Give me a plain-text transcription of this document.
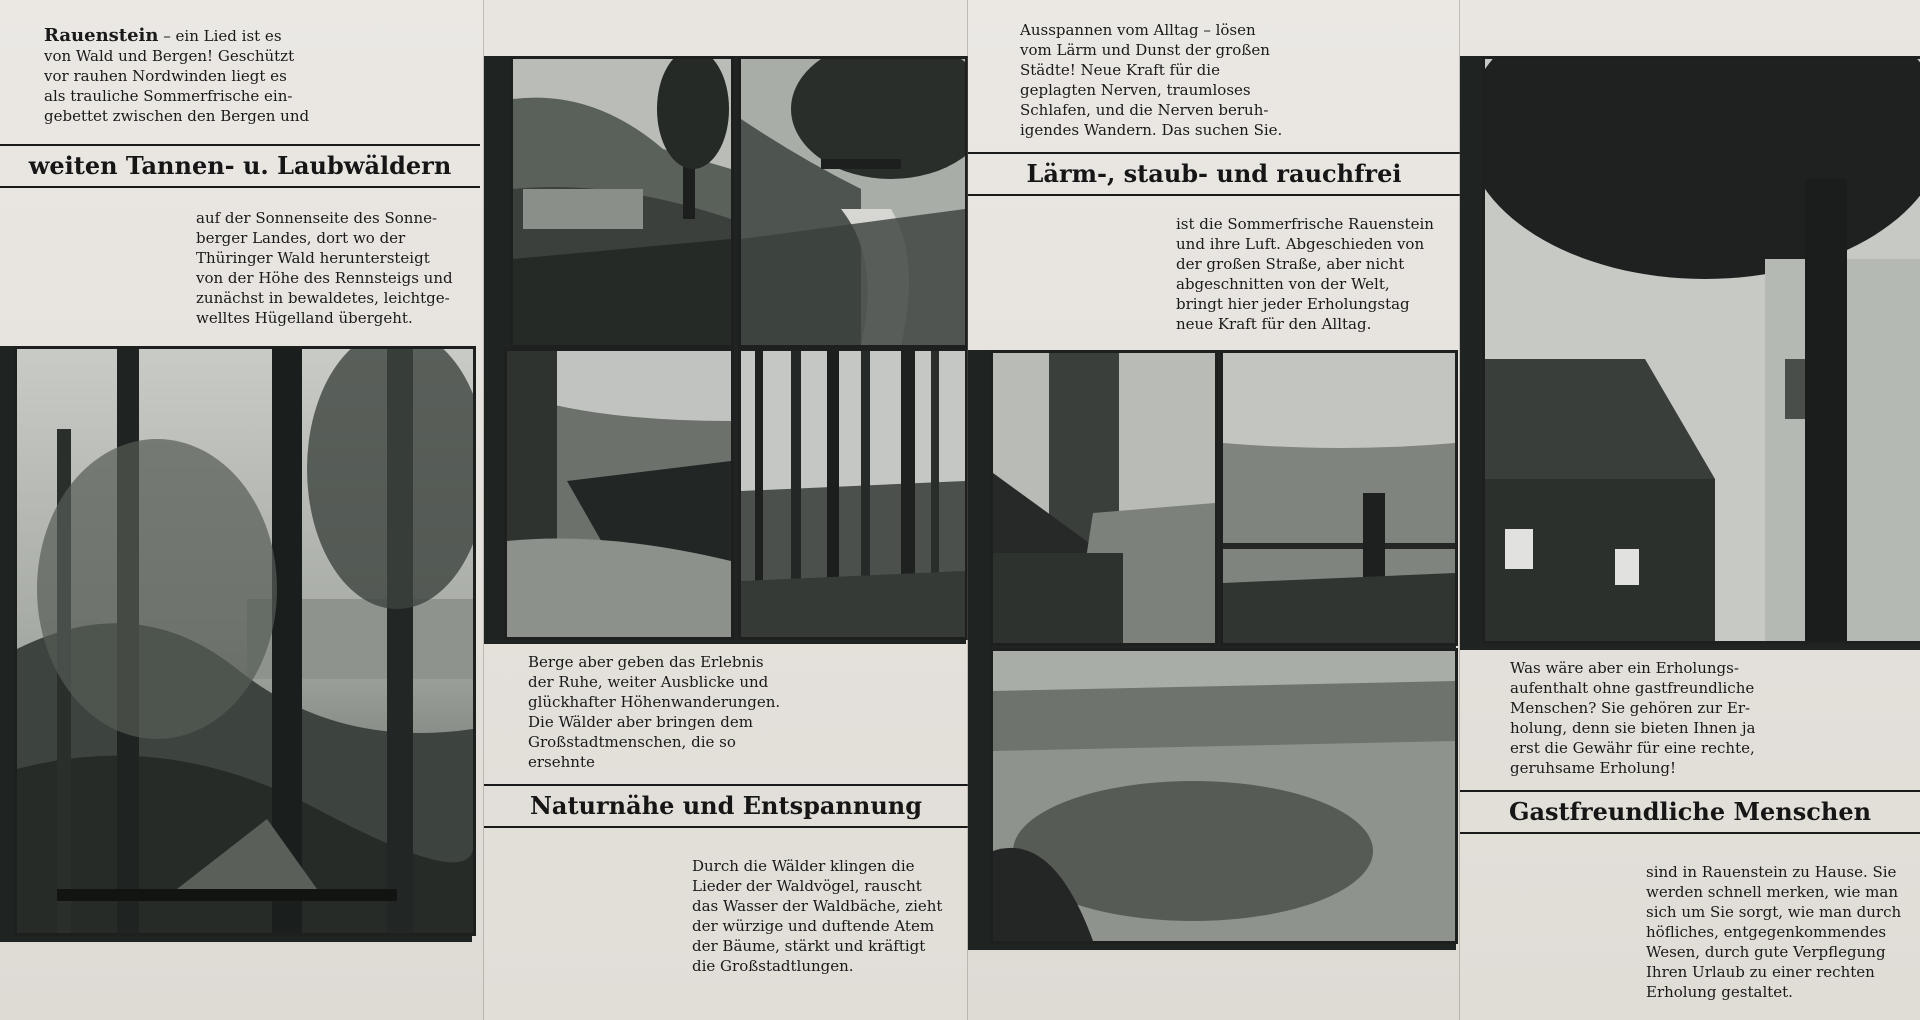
Rauenstein – ein Lied ist es
von Wald und Bergen! Geschützt
vor rauhen Nordwinden liegt es
als trauliche Sommerfrische ein-
gebettet zwischen den Bergen und

weiten Tannen- u. Laubwäldern
auf der Sonnenseite des Sonne-
berger Landes, dort wo der
Thüringer Wald heruntersteigt
von der Höhe des Rennsteigs und
zunächst in bewaldetes, leichtge-
welltes Hügelland übergeht.
Berge aber geben das Erlebnis
der Ruhe, weiter Ausblicke und
glückhafter Höhenwanderungen.
Die Wälder aber bringen dem
Großstadtmenschen, die so ersehnte
Naturnähe und Entspannung
Durch die Wälder klingen die
Lieder der Waldvögel, rauscht
das Wasser der Waldbäche, zieht
der würzige und duftende Atem
der Bäume, stärkt und kräftigt
die Großstadtlungen.
Ausspannen vom Alltag – lösen
vom Lärm und Dunst der großen
Städte! Neue Kraft für die
geplagten Nerven, traumloses
Schlafen, und die Nerven beruh-
igendes Wandern. Das suchen Sie.
Lärm-, staub- und rauchfrei
ist die Sommerfrische Rauenstein
und ihre Luft. Abgeschieden von
der großen Straße, aber nicht
abgeschnitten von der Welt,
bringt hier jeder Erholungstag
neue Kraft für den Alltag.
Was wäre aber ein Erholungs-
aufenthalt ohne gastfreundliche
Menschen? Sie gehören zur Er-
holung, denn sie bieten Ihnen ja
erst die Gewähr für eine rechte,
geruhsame Erholung!
Gastfreundliche Menschen
sind in Rauenstein zu Hause. Sie
werden schnell merken, wie man
sich um Sie sorgt, wie man durch
höfliches, entgegenkommendes
Wesen, durch gute Verpflegung
Ihren Urlaub zu einer rechten
Erholung gestaltet.
